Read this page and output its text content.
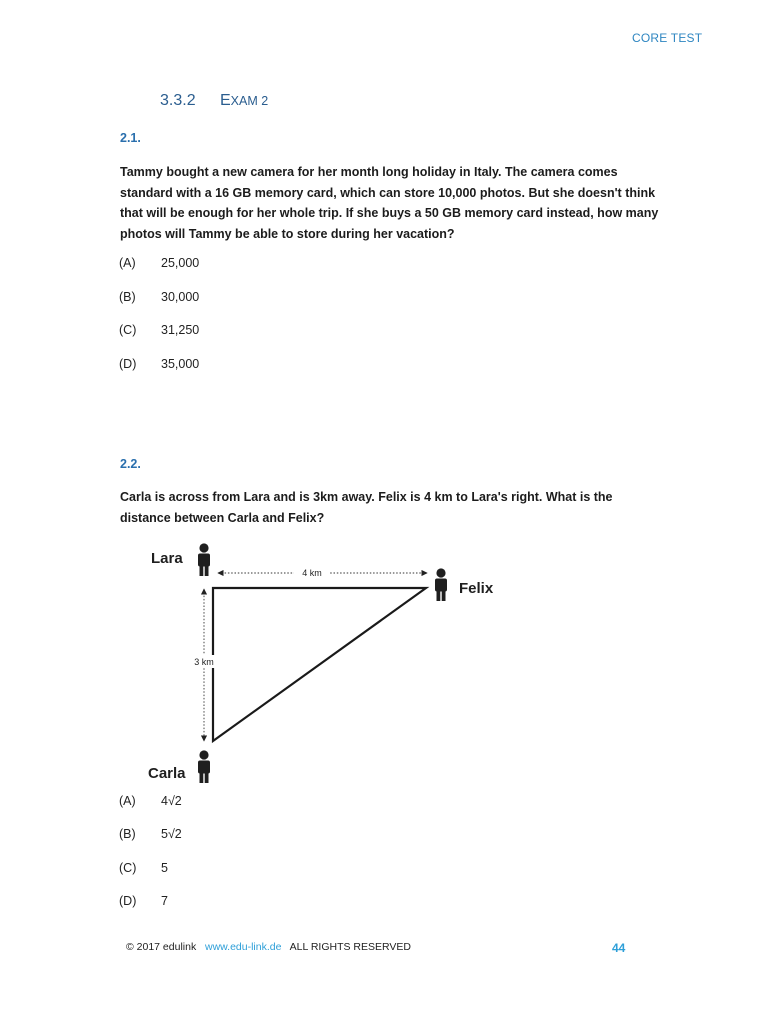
CORE TEST
3.3.2 EXAM 2
2.1.
Tammy bought a new camera for her month long holiday in Italy. The camera comes standard with a 16 GB memory card, which can store 10,000 photos. But she doesn't think that will be enough for her whole trip. If she buys a 50 GB memory card instead, how many photos will Tammy be able to store during her vacation?
(A) 25,000
(B) 30,000
(C) 31,250
(D) 35,000
2.2.
Carla is across from Lara and is 3km away. Felix is 4 km to Lara's right. What is the distance between Carla and Felix?
4 km
3 km
Lara
Felix
Carla
(A) 4√2
(B) 5√2
(C) 5
(D) 7
© 2017 edulink www.edu-link.de ALL RIGHTS RESERVED	44
